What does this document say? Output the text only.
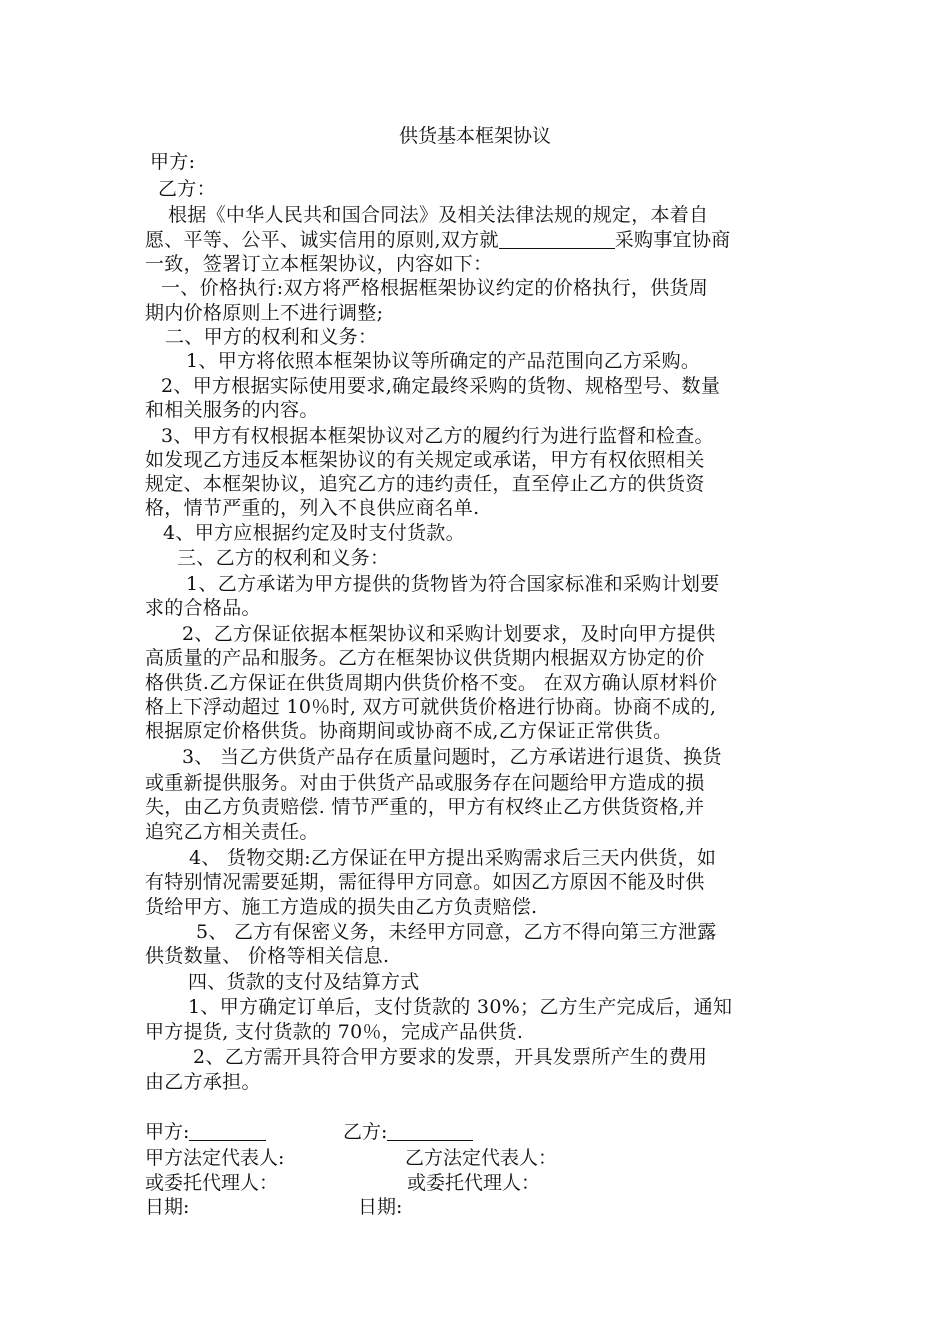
供货基本框架协议
甲方:
乙方：
根据《中华人民共和国合同法》及相关法律法规的规定，本着自
愿、平等、公平、诚实信用的原则,双方就	采购事宜协商
一致，签署订立本框架协议，内容如下：
一、价格执行:双方将严格根据框架协议约定的价格执行，供货周
期内价格原则上不进行调整;
二、甲方的权利和义务：
1、甲方将依照本框架协议等所确定的产品范围向乙方采购。
2、甲方根据实际使用要求,确定最终采购的货物、规格型号、数量
和相关服务的内容。
3、甲方有权根据本框架协议对乙方的履约行为进行监督和检查。
如发现乙方违反本框架协议的有关规定或承诺，甲方有权依照相关
规定、本框架协议，追究乙方的违约责任，直至停止乙方的供货资
格，情节严重的，列入不良供应商名单.
4、甲方应根据约定及时支付货款。
三、乙方的权利和义务：
1、乙方承诺为甲方提供的货物皆为符合国家标准和采购计划要
求的合格品。
2、乙方保证依据本框架协议和采购计划要求，及时向甲方提供
高质量的产品和服务。乙方在框架协议供货期内根据双方协定的价
格供货.乙方保证在供货周期内供货价格不变。 在双方确认原材料价
格上下浮动超过 10％时, 双方可就供货价格进行协商。协商不成的,
根据原定价格供货。协商期间或协商不成,乙方保证正常供货。
3、 当乙方供货产品存在质量问题时，乙方承诺进行退货、换货
或重新提供服务。对由于供货产品或服务存在问题给甲方造成的损
失，由乙方负责赔偿. 情节严重的，甲方有权终止乙方供货资格,并
追究乙方相关责任。
4、 货物交期:乙方保证在甲方提出采购需求后三天内供货，如
有特别情况需要延期，需征得甲方同意。如因乙方原因不能及时供
货给甲方、施工方造成的损失由乙方负责赔偿.
5、 乙方有保密义务，未经甲方同意，乙方不得向第三方泄露
供货数量、 价格等相关信息.
四、货款的支付及结算方式
1、甲方确定订单后，支付货款的 30%；乙方生产完成后，通知
甲方提货, 支付货款的 70％，完成产品供货.
2、乙方需开具符合甲方要求的发票，开具发票所产生的费用
由乙方承担。
甲方:	乙方:
甲方法定代表人:	乙方法定代表人：
或委托代理人：	或委托代理人：
日期:	日期:
